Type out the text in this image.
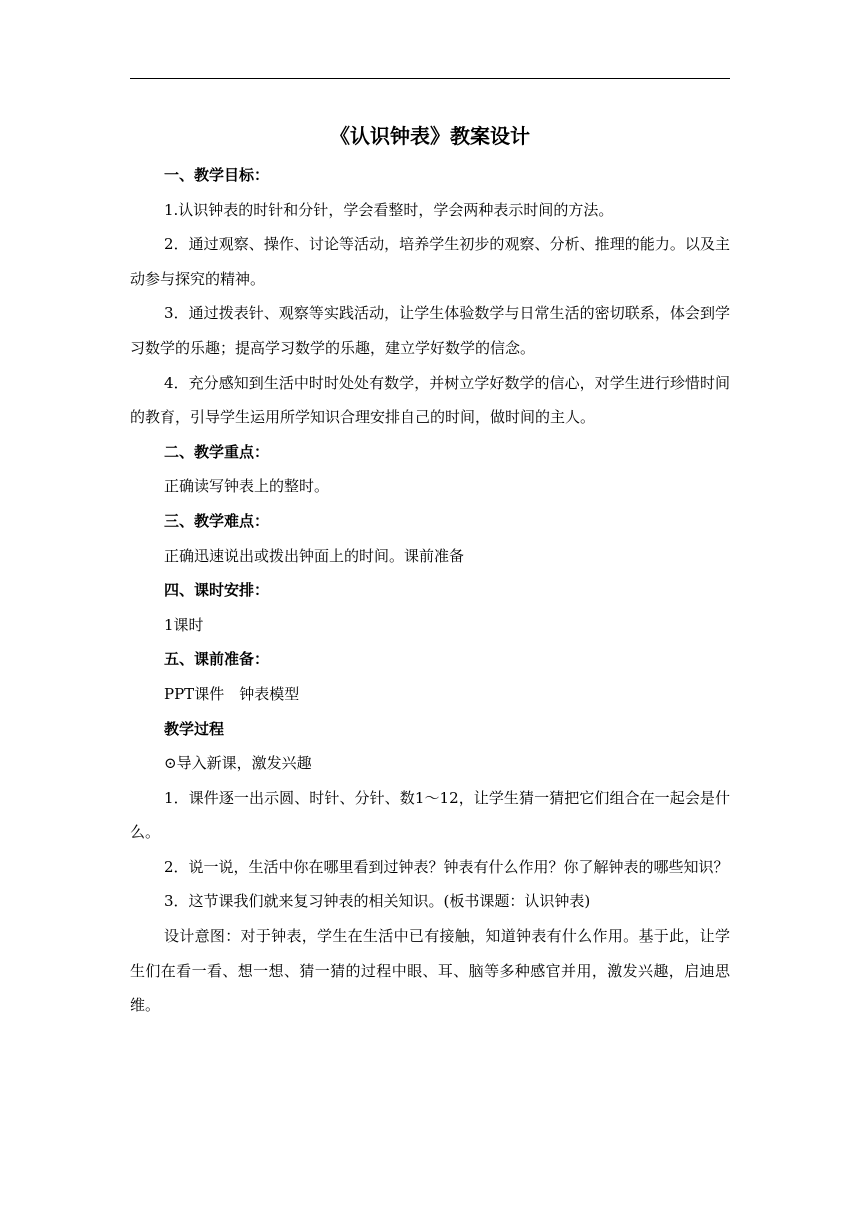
《认识钟表》教案设计

一、教学目标：

1.认识钟表的时针和分针，学会看整时，学会两种表示时间的方法。

2．通过观察、操作、讨论等活动，培养学生初步的观察、分析、推理的能力。以及主动参与探究的精神。

3．通过拨表针、观察等实践活动，让学生体验数学与日常生活的密切联系，体会到学习数学的乐趣；提高学习数学的乐趣，建立学好数学的信念。

4．充分感知到生活中时时处处有数学，并树立学好数学的信心，对学生进行珍惜时间的教育，引导学生运用所学知识合理安排自己的时间，做时间的主人。

二、教学重点：

正确读写钟表上的整时。

三、教学难点：

正确迅速说出或拨出钟面上的时间。课前准备

四、课时安排：

1课时

五、课前准备：

PPT课件　钟表模型

教学过程

⊙导入新课，激发兴趣

1．课件逐一出示圆、时针、分针、数1～12，让学生猜一猜把它们组合在一起会是什么。

2．说一说，生活中你在哪里看到过钟表？钟表有什么作用？你了解钟表的哪些知识？

3．这节课我们就来复习钟表的相关知识。(板书课题：认识钟表)

设计意图：对于钟表，学生在生活中已有接触，知道钟表有什么作用。基于此，让学生们在看一看、想一想、猜一猜的过程中眼、耳、脑等多种感官并用，激发兴趣，启迪思维。
